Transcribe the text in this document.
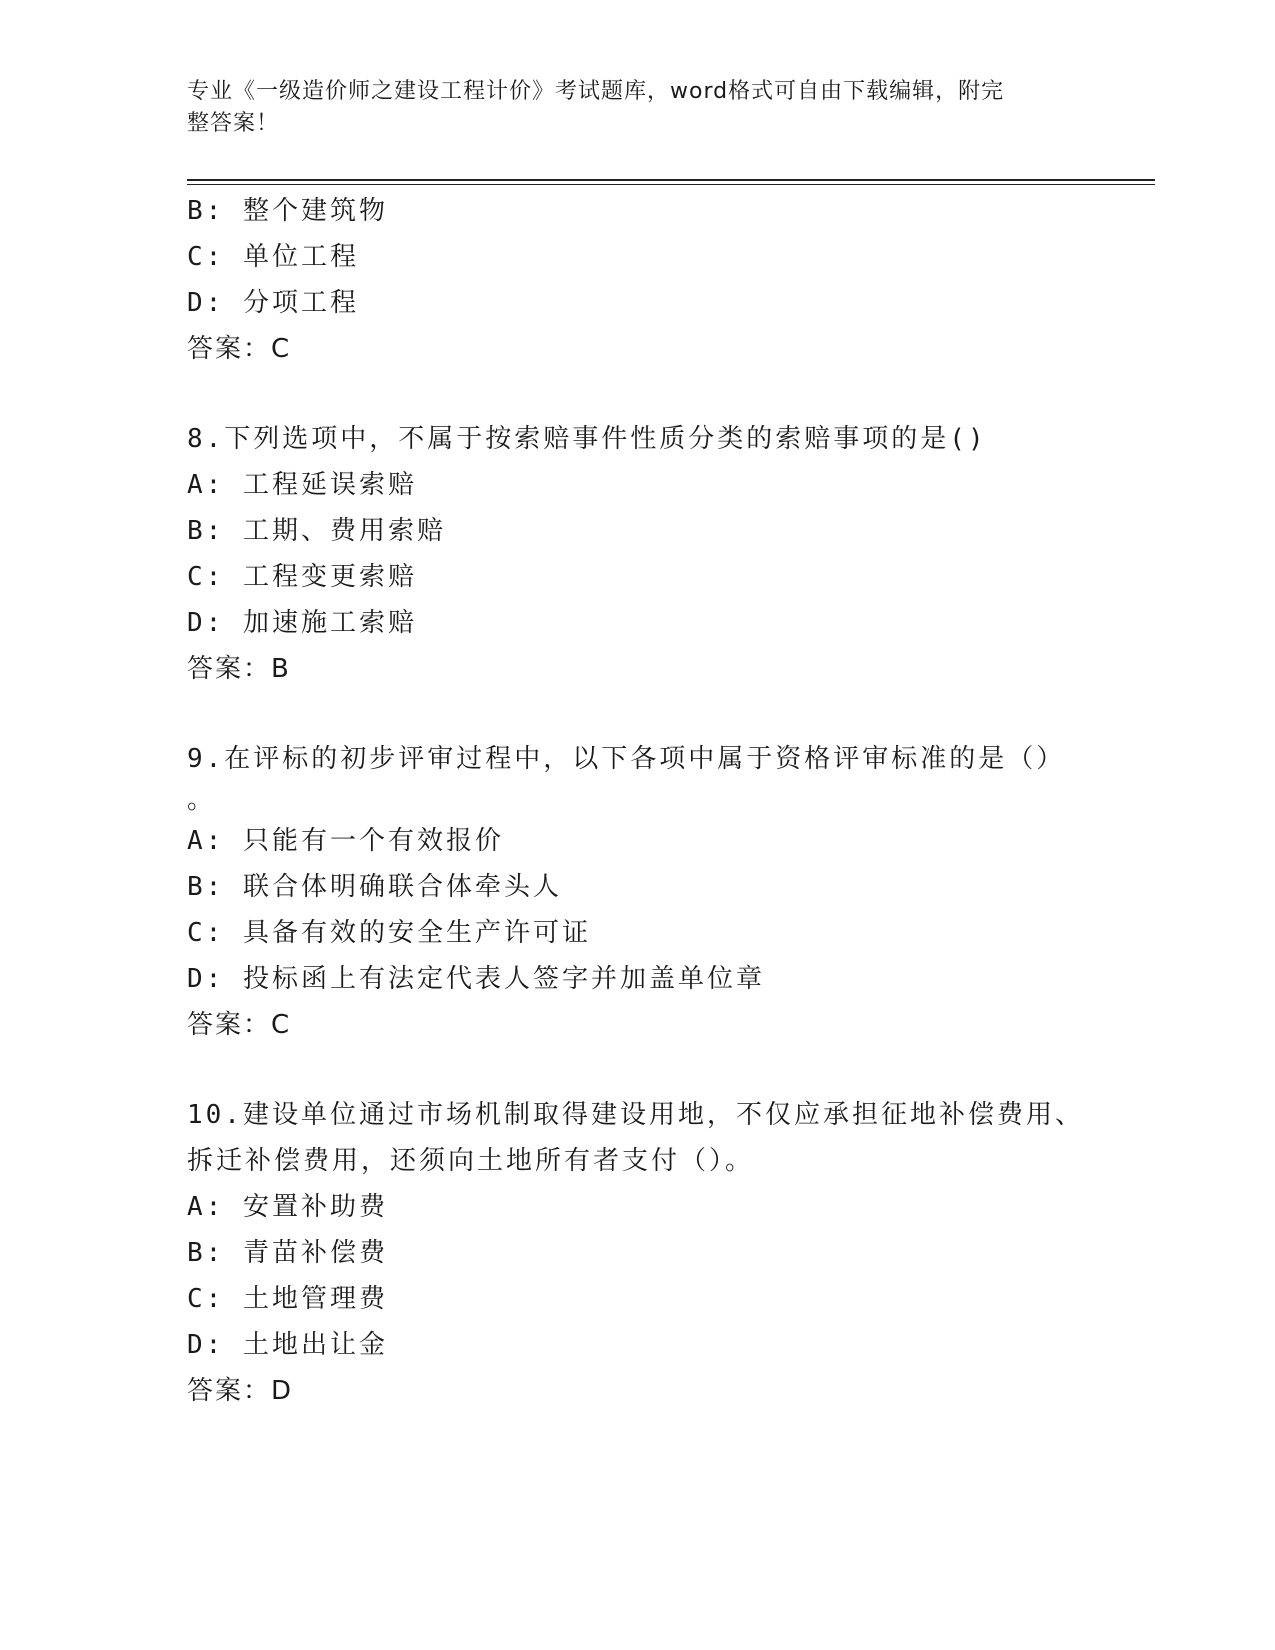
专业《一级造价师之建设工程计价》考试题库，word格式可自由下载编辑，附完
整答案！
B: 整个建筑物
C: 单位工程
D: 分项工程
答案：C
8.下列选项中，不属于按索赔事件性质分类的索赔事项的是()
A: 工程延误索赔
B: 工期、费用索赔
C: 工程变更索赔
D: 加速施工索赔
答案：B
9.在评标的初步评审过程中，以下各项中属于资格评审标准的是（）
。
A: 只能有一个有效报价
B: 联合体明确联合体牵头人
C: 具备有效的安全生产许可证
D: 投标函上有法定代表人签字并加盖单位章
答案：C
10.建设单位通过市场机制取得建设用地，不仅应承担征地补偿费用、
拆迁补偿费用，还须向土地所有者支付（）。
A: 安置补助费
B: 青苗补偿费
C: 土地管理费
D: 土地出让金
答案：D
